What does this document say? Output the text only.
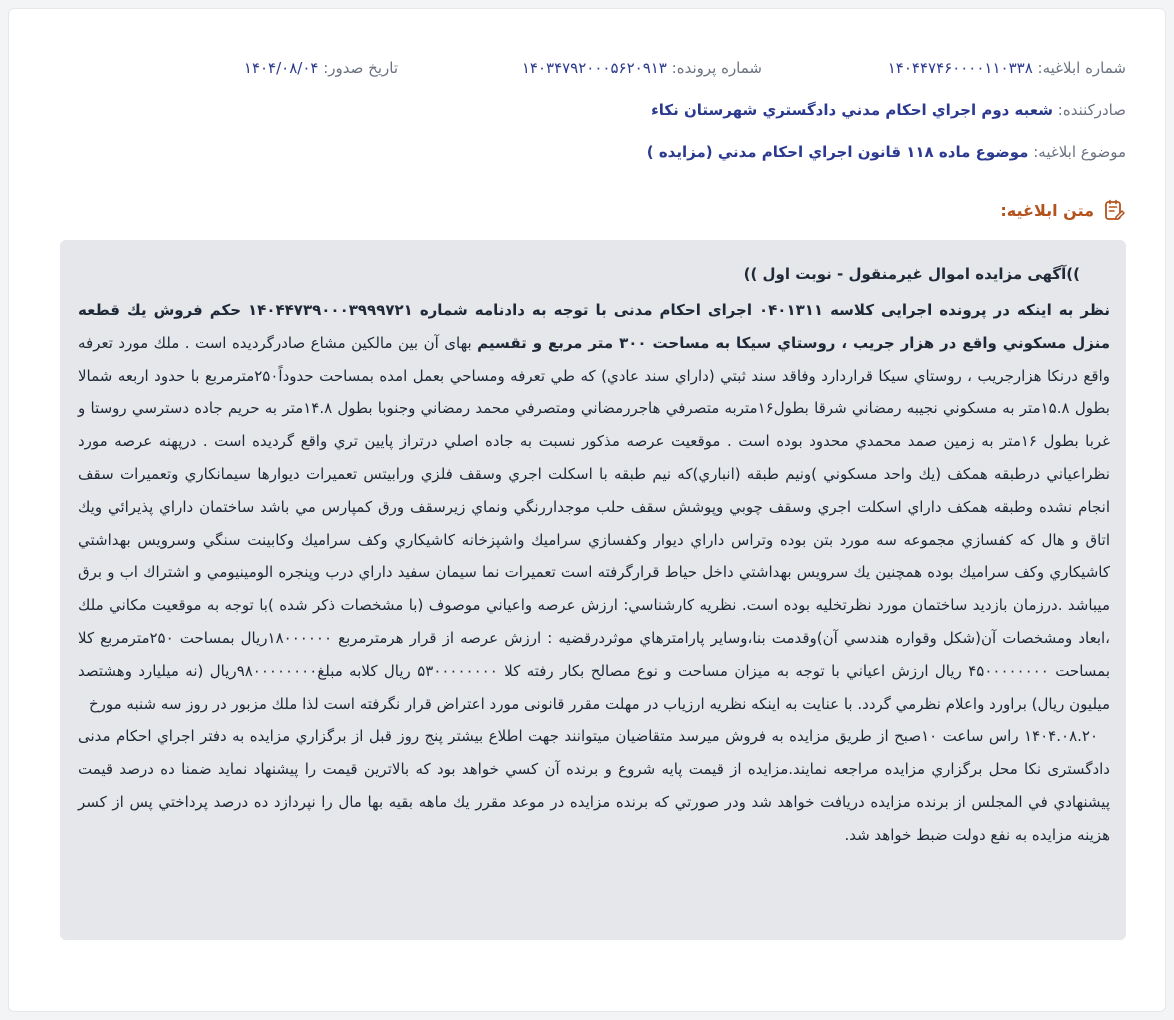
شماره ابلاغیه: ۱۴۰۴۴۷۴۶۰۰۰۰۱۱۰۳۳۸
شماره پرونده: ۱۴۰۳۴۷۹۲۰۰۰۵۶۲۰۹۱۳
تاریخ صدور: ۱۴۰۴/۰۸/۰۴
صادرکننده: شعبه دوم اجراي احكام مدني دادگستري شهرستان نكاء
موضوع ابلاغیه: موضوع ماده ۱۱۸ قانون اجراي احكام مدني (مزايده )
متن ابلاغیه:
))آگهی مزایده اموال غیرمنقول - نوبت اول ))

نظر به اینکه در پرونده اجرایی کلاسه ۰۴۰۱۳۱۱ اجرای احکام مدنی با توجه به دادنامه شماره ۱۴۰۴۴۷۳۹۰۰۰۳۹۹۹۷۲۱ حکم فروش یك قطعه منزل مسكوني واقع در هزار جريب ، روستاي سيكا به مساحت ۳۰۰ متر مربع و تقسیم بهای آن بین مالکین مشاع صادرگردیده است . ملك مورد تعرفه واقع درنكا هزارجريب ، روستاي سيكا قراردارد وفاقد سند ثبتي (داراي سند عادي) كه طي تعرفه ومساحي بعمل امده بمساحت حدوداً۲۵۰مترمربع با حدود اربعه شمالا بطول ۱۵.۸متر به مسكوني نجيبه رمضاني شرقا بطول۱۶متربه متصرفي هاجررمضاني ومتصرفي محمد رمضاني وجنوبا بطول ۱۴.۸متر به حريم جاده دسترسي روستا و غربا بطول ۱۶متر به زمين صمد محمدي محدود بوده است . موقعيت عرصه مذكور نسبت به جاده اصلي درتراز پايين تري واقع گرديده است . درپهنه عرصه مورد نظراعياني درطبقه همكف (يك واحد مسكوني )ونيم طبقه (انباري)كه نيم طبقه با اسكلت اجري وسقف فلزي ورابيتس تعميرات ديوارها سيمانكاري وتعميرات سقف انجام نشده وطبقه همكف داراي اسكلت اجري وسقف چوبي وپوشش سقف حلب موجداررنگي ونماي زيرسقف ورق كمپارس مي باشد ساختمان داراي پذيرائي ويك اتاق و هال كه كفسازي مجموعه سه مورد بتن بوده وتراس داراي ديوار وكفسازي سراميك واشپزخانه كاشيكاري وكف سراميك وكابينت سنگي وسرويس بهداشتي كاشيكاري وكف سراميك بوده همچنين يك سرويس بهداشتي داخل حياط قرارگرفته است تعميرات نما سيمان سفيد داراي درب وپنجره الومينيومي و اشتراك اب و برق ميباشد .درزمان بازديد ساختمان مورد نظرتخليه بوده است. نظريه كارشناسي: ارزش عرصه واعياني موصوف (با مشخصات ذكر شده )با توجه به موقعيت مكاني ملك ،ابعاد ومشخصات آن(شكل وقواره هندسي آن)وقدمت بنا،وساير پارامترهاي موثردرقضيه : ارزش عرصه از قرار هرمترمربع ۱۸۰۰۰۰۰۰ريال بمساحت ۲۵۰مترمربع كلا بمساحت ۴۵۰۰۰۰۰۰۰۰ ريال ارزش اعياني با توجه به ميزان مساحت و نوع مصالح بكار رفته كلا ۵۳۰۰۰۰۰۰۰۰ ريال كلابه مبلغ۹۸۰۰۰۰۰۰۰۰ريال (نه ميليارد وهشتصد ميليون ريال) براورد واعلام نظرمي گردد. با عنایت به اینکه نظریه ارزیاب در مهلت مقرر قانونی مورد اعتراض قرار نگرفته است لذا ملك مزبور در روز سه شنبه مورخ

۱۴۰۴.۰۸.۲۰ راس ساعت ۱۰صبح از طريق مزايده به فروش ميرسد متقاضيان ميتوانند جهت اطلاع بيشتر پنج روز قبل از برگزاري مزايده به دفتر اجراي احكام مدنی دادگستری نكا محل برگزاري مزايده مراجعه نمايند.مزايده از قيمت پايه شروع و برنده آن كسي خواهد بود كه بالاترين قيمت را پيشنهاد نمايد ضمنا ده درصد قيمت پيشنهادي في المجلس از برنده مزايده دريافت خواهد شد ودر صورتي كه برنده مزايده در موعد مقرر يك ماهه بقيه بها مال را نپردازد ده درصد پرداختي پس از كسر هزينه مزايده به نفع دولت ضبط خواهد شد.
